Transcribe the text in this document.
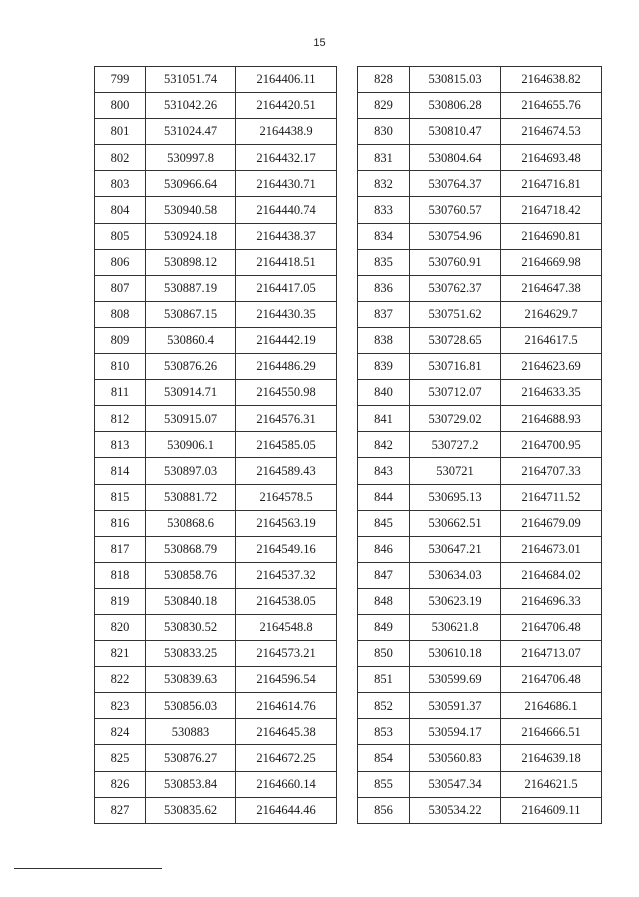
15
799	531051.74	2164406.11
800	531042.26	2164420.51
801	531024.47	2164438.9
802	530997.8	2164432.17
803	530966.64	2164430.71
804	530940.58	2164440.74
805	530924.18	2164438.37
806	530898.12	2164418.51
807	530887.19	2164417.05
808	530867.15	2164430.35
809	530860.4	2164442.19
810	530876.26	2164486.29
811	530914.71	2164550.98
812	530915.07	2164576.31
813	530906.1	2164585.05
814	530897.03	2164589.43
815	530881.72	2164578.5
816	530868.6	2164563.19
817	530868.79	2164549.16
818	530858.76	2164537.32
819	530840.18	2164538.05
820	530830.52	2164548.8
821	530833.25	2164573.21
822	530839.63	2164596.54
823	530856.03	2164614.76
824	530883	2164645.38
825	530876.27	2164672.25
826	530853.84	2164660.14
827	530835.62	2164644.46
828	530815.03	2164638.82
829	530806.28	2164655.76
830	530810.47	2164674.53
831	530804.64	2164693.48
832	530764.37	2164716.81
833	530760.57	2164718.42
834	530754.96	2164690.81
835	530760.91	2164669.98
836	530762.37	2164647.38
837	530751.62	2164629.7
838	530728.65	2164617.5
839	530716.81	2164623.69
840	530712.07	2164633.35
841	530729.02	2164688.93
842	530727.2	2164700.95
843	530721	2164707.33
844	530695.13	2164711.52
845	530662.51	2164679.09
846	530647.21	2164673.01
847	530634.03	2164684.02
848	530623.19	2164696.33
849	530621.8	2164706.48
850	530610.18	2164713.07
851	530599.69	2164706.48
852	530591.37	2164686.1
853	530594.17	2164666.51
854	530560.83	2164639.18
855	530547.34	2164621.5
856	530534.22	2164609.11
